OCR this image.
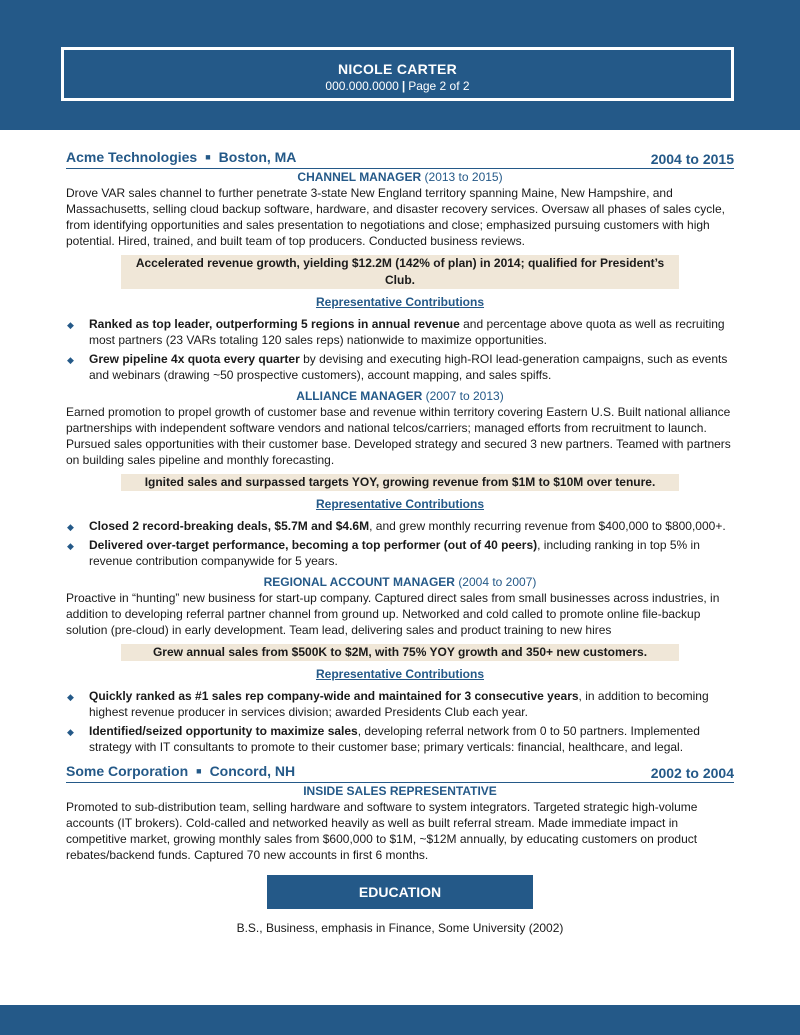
NICOLE CARTER
000.000.0000 | Page 2 of 2
Acme Technologies ■ Boston, MA	2004 to 2015
CHANNEL MANAGER (2013 to 2015)

Drove VAR sales channel to further penetrate 3-state New England territory spanning Maine, New Hampshire, and Massachusetts, selling cloud backup software, hardware, and disaster recovery services. Oversaw all phases of sales cycle, from identifying opportunities and sales presentation to negotiations and close; emphasized pursuing customers with high potential. Hired, trained, and built team of top producers. Conducted business reviews.

Accelerated revenue growth, yielding $12.2M (142% of plan) in 2014; qualified for President’s Club.
Representative Contributions
◆ Ranked as top leader, outperforming 5 regions in annual revenue and percentage above quota as well as recruiting most partners (23 VARs totaling 120 sales reps) nationwide to maximize opportunities.
◆ Grew pipeline 4x quota every quarter by devising and executing high-ROI lead-generation campaigns, such as events and webinars (drawing ~50 prospective customers), account mapping, and sales spiffs.
ALLIANCE MANAGER (2007 to 2013)

Earned promotion to propel growth of customer base and revenue within territory covering Eastern U.S. Built national alliance partnerships with independent software vendors and national telcos/carriers; managed efforts from recruitment to launch. Pursued sales opportunities with their customer base. Developed strategy and secured 3 new partners. Teamed with partners on building sales pipeline and monthly forecasting.

Ignited sales and surpassed targets YOY, growing revenue from $1M to $10M over tenure.
Representative Contributions
◆ Closed 2 record-breaking deals, $5.7M and $4.6M, and grew monthly recurring revenue from $400,000 to $800,000+.
◆ Delivered over-target performance, becoming a top performer (out of 40 peers), including ranking in top 5% in revenue contribution companywide for 5 years.
REGIONAL ACCOUNT MANAGER (2004 to 2007)

Proactive in “hunting” new business for start-up company. Captured direct sales from small businesses across industries, in addition to developing referral partner channel from ground up. Networked and cold called to promote online file-backup solution (pre-cloud) in early development. Team lead, delivering sales and product training to new hires

Grew annual sales from $500K to $2M, with 75% YOY growth and 350+ new customers.
Representative Contributions
◆ Quickly ranked as #1 sales rep company-wide and maintained for 3 consecutive years, in addition to becoming highest revenue producer in services division; awarded Presidents Club each year.
◆ Identified/seized opportunity to maximize sales, developing referral network from 0 to 50 partners. Implemented strategy with IT consultants to promote to their customer base; primary verticals: financial, healthcare, and legal.
Some Corporation ■ Concord, NH	2002 to 2004
INSIDE SALES REPRESENTATIVE

Promoted to sub-distribution team, selling hardware and software to system integrators. Targeted strategic high-volume accounts (IT brokers). Cold-called and networked heavily as well as built referral stream. Made immediate impact in competitive market, growing monthly sales from $600,000 to $1M, ~$12M annually, by educating customers on product rebates/backend funds. Captured 70 new accounts in first 6 months.

EDUCATION
B.S., Business, emphasis in Finance, Some University (2002)
